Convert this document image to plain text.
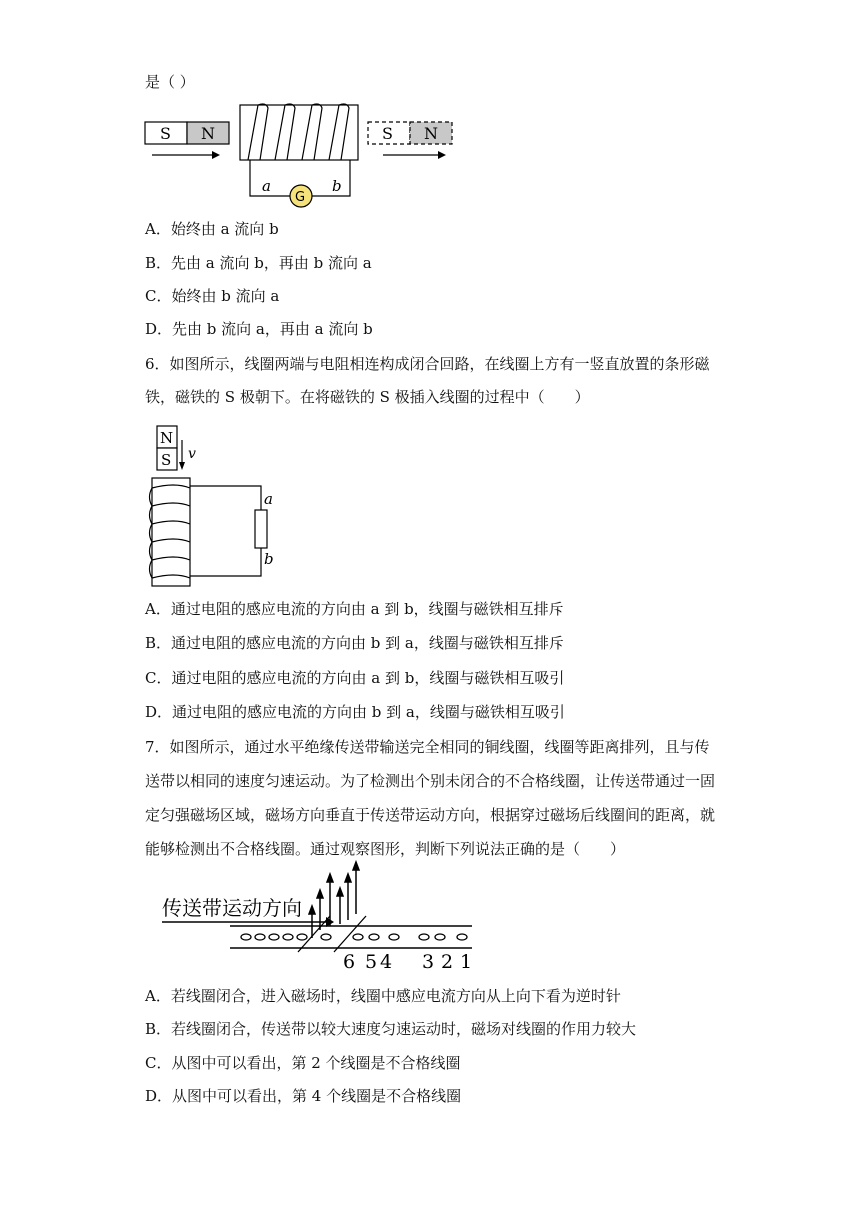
是（ ）
S N
G
a	b
S N
A．始终由 a 流向 b
B．先由 a 流向 b，再由 b 流向 a
C．始终由 b 流向 a
D．先由 b 流向 a，再由 a 流向 b
6．如图所示，线圈两端与电阻相连构成闭合回路，在线圈上方有一竖直放置的条形磁
铁，磁铁的 S 极朝下。在将磁铁的 S 极插入线圈的过程中（　　）
N
S v
a
b
A．通过电阻的感应电流的方向由 a 到 b，线圈与磁铁相互排斥
B．通过电阻的感应电流的方向由 b 到 a，线圈与磁铁相互排斥
C．通过电阻的感应电流的方向由 a 到 b，线圈与磁铁相互吸引
D．通过电阻的感应电流的方向由 b 到 a，线圈与磁铁相互吸引
7．如图所示，通过水平绝缘传送带输送完全相同的铜线圈，线圈等距离排列，且与传
送带以相同的速度匀速运动。为了检测出个别未闭合的不合格线圈，让传送带通过一固
定匀强磁场区域，磁场方向垂直于传送带运动方向，根据穿过磁场后线圈间的距离，就
能够检测出不合格线圈。通过观察图形，判断下列说法正确的是（　　）
传送带运动方向
6 5 4 3 2 1
A．若线圈闭合，进入磁场时，线圈中感应电流方向从上向下看为逆时针
B．若线圈闭合，传送带以较大速度匀速运动时，磁场对线圈的作用力较大
C．从图中可以看出，第 2 个线圈是不合格线圈
D．从图中可以看出，第 4 个线圈是不合格线圈
